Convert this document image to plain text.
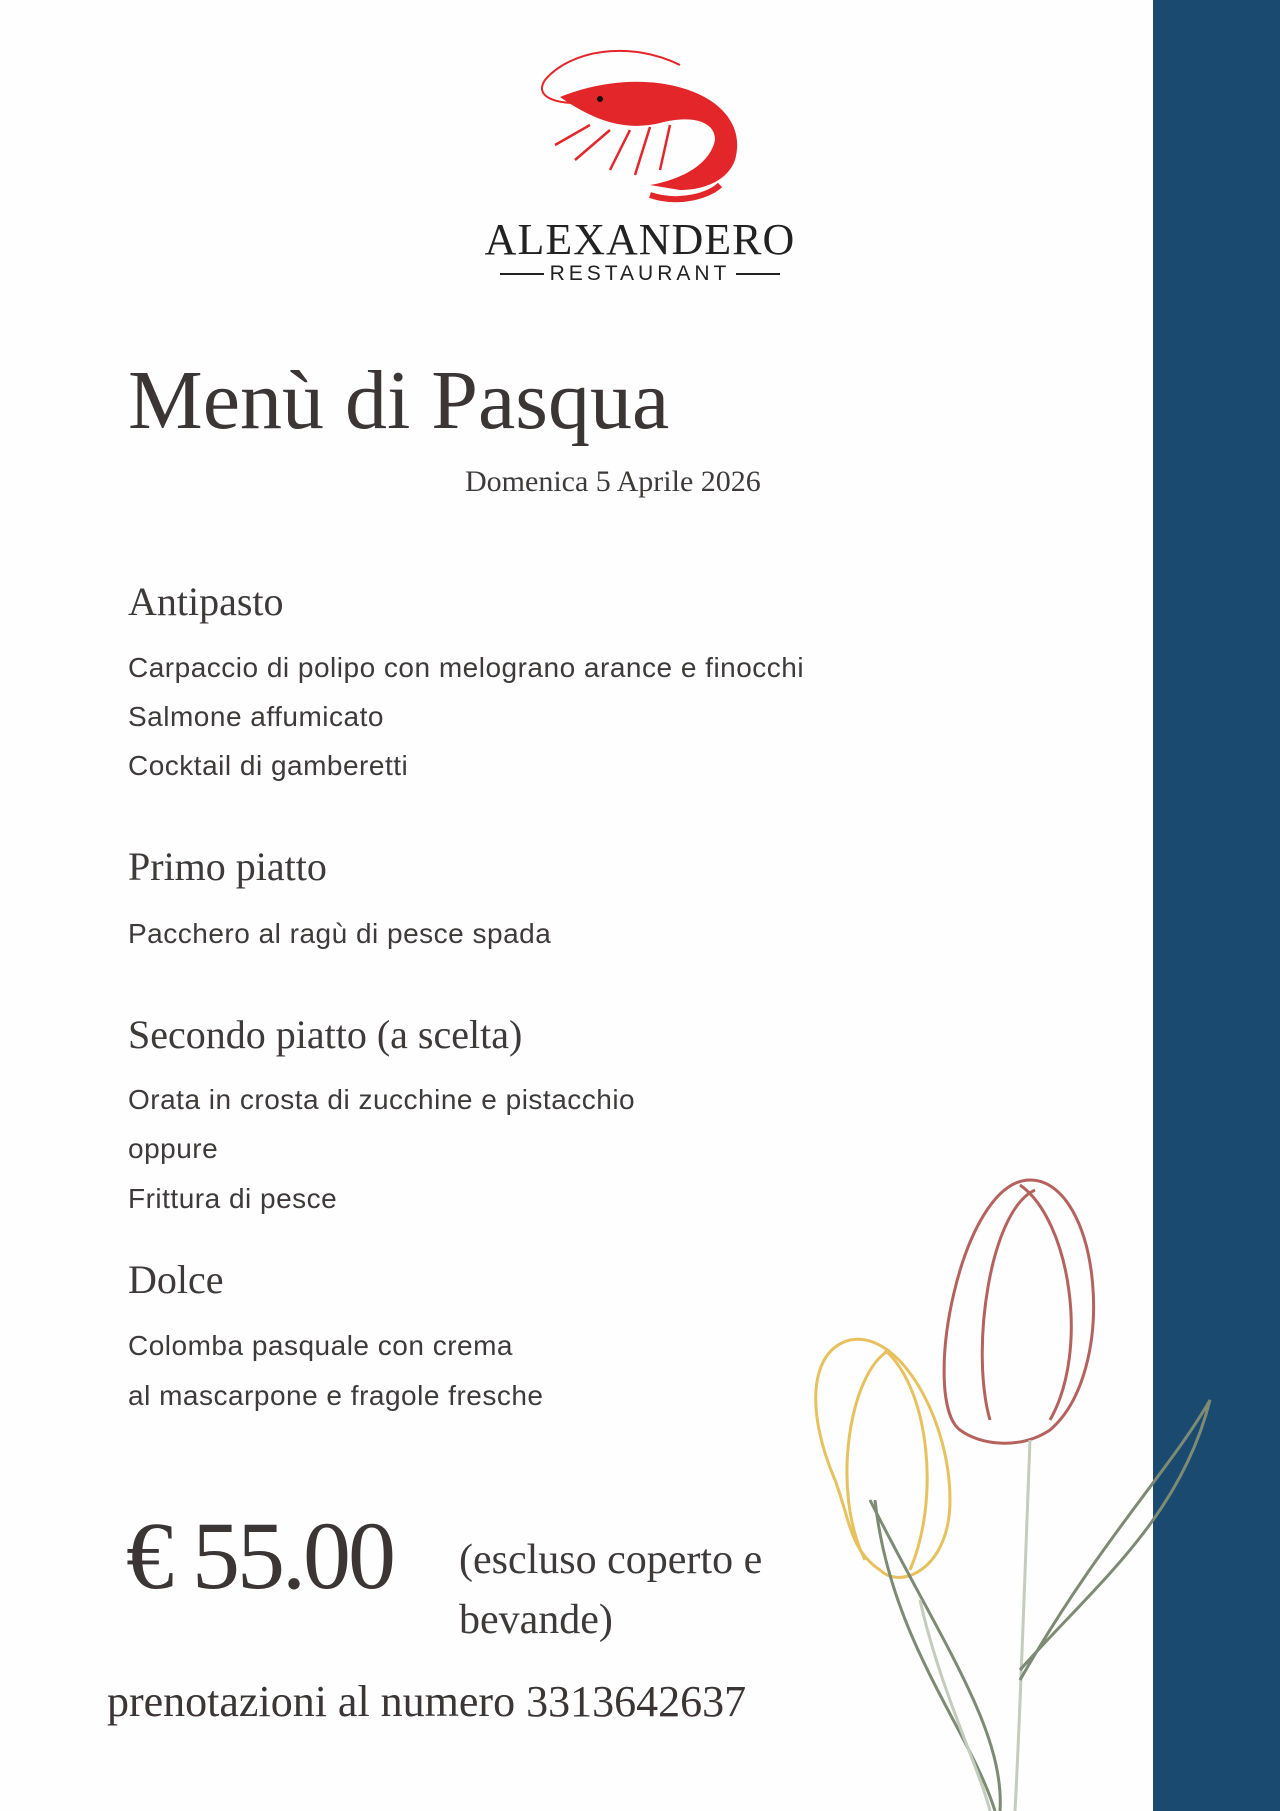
ALEXANDERO
RESTAURANT
Menù di Pasqua
Domenica 5 Aprile 2026
Antipasto
Carpaccio di polipo con melograno arance e finocchi
Salmone affumicato
Cocktail di gamberetti
Primo piatto
Pacchero al ragù di pesce spada
Secondo piatto (a scelta)
Orata in crosta di zucchine e pistacchio
oppure
Frittura di pesce
Dolce
Colomba pasquale con crema
al mascarpone e fragole fresche
€ 55.00 (escluso coperto e
bevande)
prenotazioni al numero 3313642637
